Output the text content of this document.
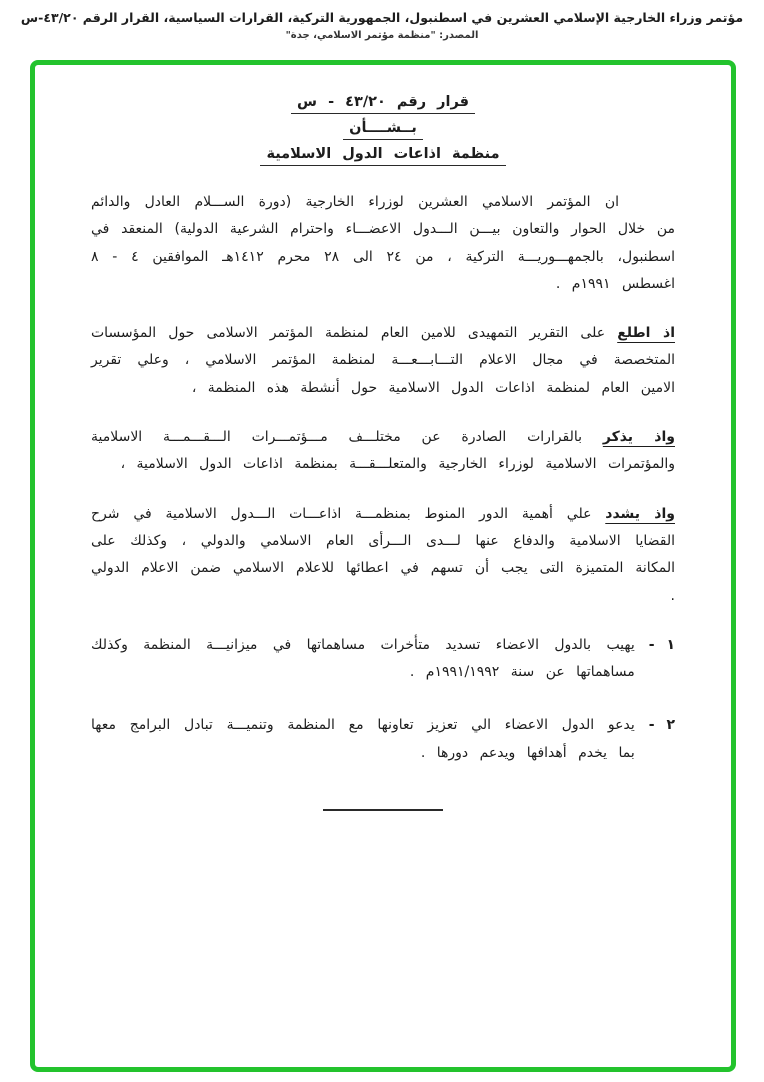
مؤتمر وزراء الخارجية الإسلامي العشرين في اسطنبول، الجمهورية التركية، القرارات السياسية، القرار الرقم ٤٣/٢٠-س
المصدر: "منظمة مؤتمر الاسلامي، جدة"
قرار رقم ٤٣/٢٠ - س
بــشــــأن
منظمة اذاعات الدول الاسلامية

ان المؤتمر الاسلامي العشرين لوزراء الخارجية (دورة الســـلام العادل والدائم من خلال الحوار والتعاون بيـــن الـــدول الاعضـــاء واحترام الشرعية الدولية) المنعقد في اسطنبول، بالجمهـــوريـــة التركية ، من ٢٤ الى ٢٨ محرم ١٤١٢هـ الموافقين ٤ - ٨ اغسطس ١٩٩١م .

اذ اطلع على التقرير التمهيدى للامين العام لمنظمة المؤتمر الاسلامى حول المؤسسات المتخصصة في مجال الاعلام التـــابـــعـــة لمنظمة المؤتمر الاسلامي ، وعلي تقرير الامين العام لمنظمة اذاعات الدول الاسلامية حول أنشطة هذه المنظمة ،

واذ يذكر بالقرارات الصادرة عن مختلـــف مـــؤتمـــرات الـــقـــمـــة الاسلامية والمؤتمرات الاسلامية لوزراء الخارجية والمتعلـــقـــة بمنظمة اذاعات الدول الاسلامية ،

واذ يشدد علي أهمية الدور المنوط بمنظمـــة اذاعـــات الـــدول الاسلامية في شرح القضايا الاسلامية والدفاع عنها لـــدى الـــرأى العام الاسلامي والدولي ، وكذلك على المكانة المتميزة التى يجب أن تسهم في اعطائها للاعلام الاسلامي ضمن الاعلام الدولي .

١ -
يهيب بالدول الاعضاء تسديد متأخرات مساهماتها في ميزانيـــة المنظمة وكذلك مساهماتها عن سنة ١٩٩١/١٩٩٢م .
٢ -
يدعو الدول الاعضاء الي تعزيز تعاونها مع المنظمة وتنميـــة تبادل البرامج معها بما يخدم أهدافها ويدعم دورها .
